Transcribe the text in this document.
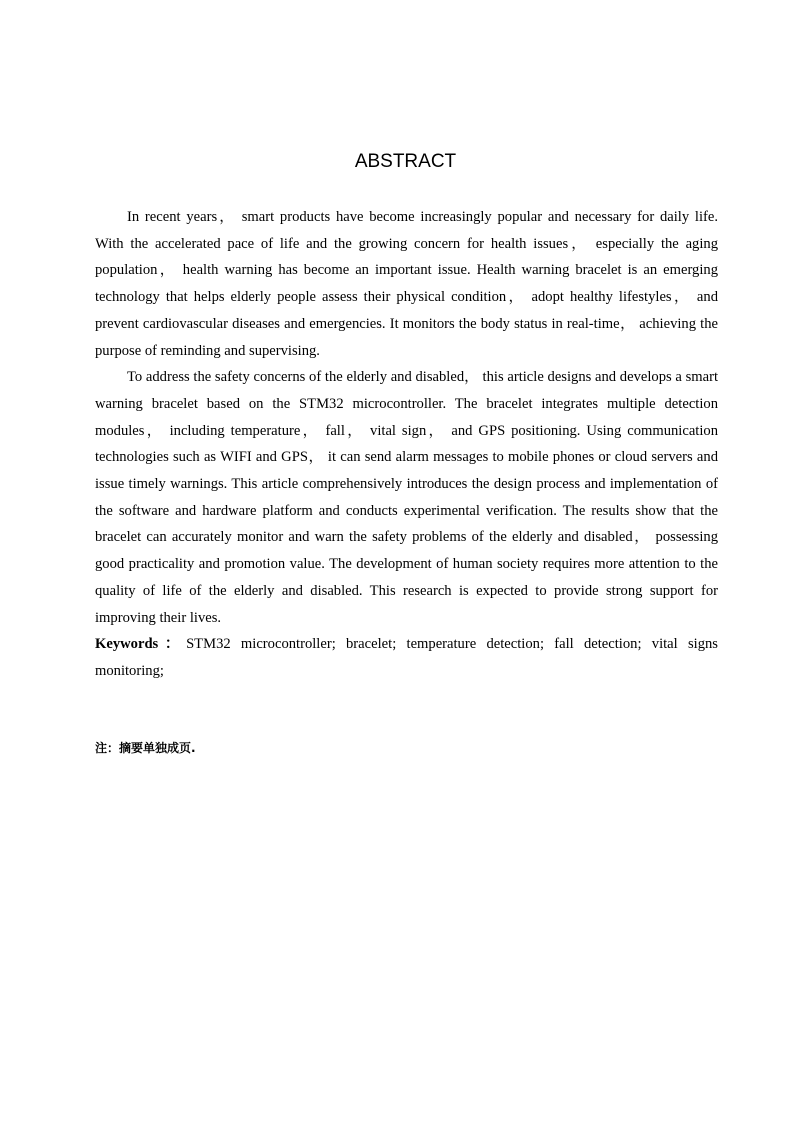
ABSTRACT

In recent years， smart products have become increasingly popular and necessary for daily life. With the accelerated pace of life and the growing concern for health issues， especially the aging population， health warning has become an important issue. Health warning bracelet is an emerging technology that helps elderly people assess their physical condition， adopt healthy lifestyles， and prevent cardiovascular diseases and emergencies. It monitors the body status in real-time， achieving the purpose of reminding and supervising.

To address the safety concerns of the elderly and disabled， this article designs and develops a smart warning bracelet based on the STM32 microcontroller. The bracelet integrates multiple detection modules， including temperature， fall， vital sign， and GPS positioning. Using communication technologies such as WIFI and GPS， it can send alarm messages to mobile phones or cloud servers and issue timely warnings. This article comprehensively introduces the design process and implementation of the software and hardware platform and conducts experimental verification. The results show that the bracelet can accurately monitor and warn the safety problems of the elderly and disabled， possessing good practicality and promotion value. The development of human society requires more attention to the quality of life of the elderly and disabled. This research is expected to provide strong support for improving their lives.

Keywords：STM32 microcontroller; bracelet; temperature detection; fall detection; vital signs monitoring;

注：摘要单独成页.
